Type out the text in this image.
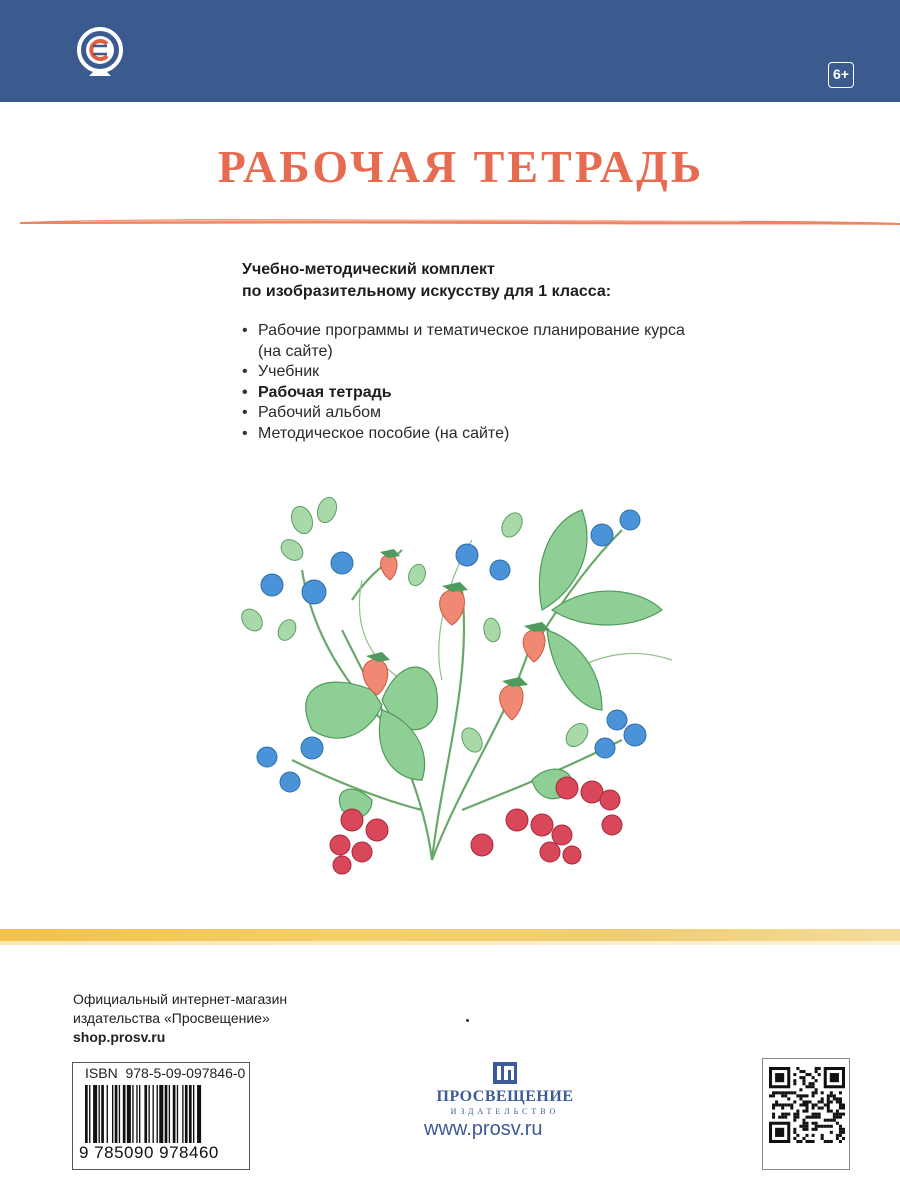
6+
РАБОЧАЯ ТЕТРАДЬ
Учебно-методический комплект
по изобразительному искусству для 1 класса:
• Рабочие программы и тематическое планирование курса (на сайте)
• Учебник
• Рабочая тетрадь
• Рабочий альбом
• Методическое пособие (на сайте)
Официальный интернет-магазин
издательства «Просвещение»
shop.prosv.ru
ISBN  978-5-09-097846-0
9 785090 978460
ПРОСВЕЩЕНИЕ
ИЗДАТЕЛЬСТВО
www.prosv.ru
